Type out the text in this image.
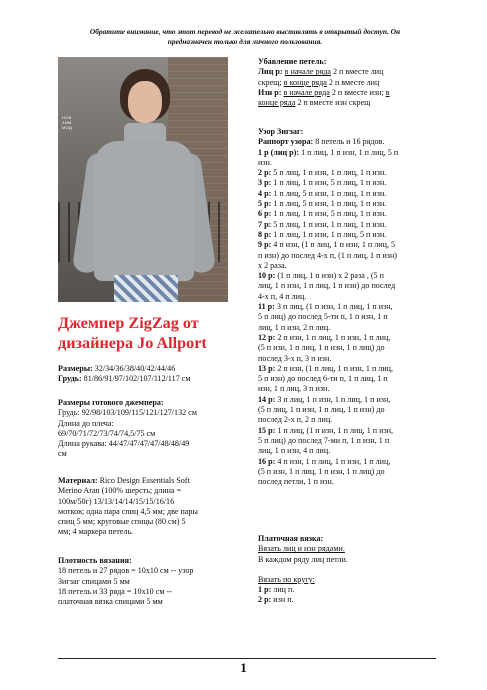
Обратите внимание, что этот перевод не желательно выставлять в открытый доступ. Он
предназначен только для личного пользования.
НОВ
ЗИМ
МОД
Джемпер ZigZag от дизайнера Jo Allport

Размеры: 32/34/36/38/40/42/44/46

Грудь: 81/86/91/97/102/107/112/117 см

Размеры готового джемпера:

Грудь: 92/98/103/109/115/121/127/132 см

Длина до плеча:

69/70/71/72/73/74/74,5/75 см

Длина рукава: 44/47/47/47/47/48/48/49

см

Материал: Rico Design Essentials Soft

Merino Aran (100% шерсть; длина =

100м/50г) 13/13/14/14/15/15/16/16

мотков; одна пара спиц 4,5 мм; две пары

спиц 5 мм; круговые спицы (80 см) 5

мм; 4 маркера петель.

Плотность вязания:

18 петель и 27 рядов = 10x10 см -- узор

Зигзаг спицами 5 мм

18 петель и 33 ряда = 10x10 см --

платочная вязка спицами 5 мм

Убавление петель:

Лиц р: в начале ряда 2 п вместе лиц

скрещ; в конце ряда 2 п вместе лиц

Изн р: в начале ряда 2 п вместе изн; в

конце ряда 2 п вместе изн скрещ

Узор Зигзаг:

Раппорт узора: 8 петель и 16 рядов.

1 р (лиц р): 1 п лиц, 1 п изн, 1 п лиц, 5 п

изн.

2 р: 5 п лиц, 1 п изн, 1 п лиц, 1 п изн.

3 р: 1 п лиц, 1 п изн, 5 п лиц, 1 п изн.

4 р: 1 п лиц, 5 п изн, 1 п лиц, 1 п изн.

5 р: 1 п лиц, 5 п изн, 1 п лиц, 1 п изн.

6 р: 1 п лиц, 1 п изн, 5 п лиц, 1 п изн.

7 р: 5 п лиц, 1 п изн, 1 п лиц, 1 п изн.

8 р: 1 п лиц, 1 п изн, 1 п лиц, 5 п изн.

9 р: 4 п изн, (1 п лиц, 1 п изн, 1 п лиц, 5

п изн) до послед 4-х п, (1 п лиц, 1 п изн)

х 2 раза.

10 р: (1 п лиц, 1 п изн) х 2 раза , (5 п

лиц, 1 п изн, 1 п лиц, 1 п изн) до послед

4-х п, 4 п лиц.

11 р: 3 п лиц, (1 п изн, 1 п лиц, 1 п изн,

5 п лиц) до послед 5-ти п, 1 п изн, 1 п

лиц, 1 п изн, 2 п лиц.

12 р: 2 п изн, 1 п лиц, 1 п изн, 1 п лиц,

(5 п изн, 1 п лиц, 1 п изн, 1 п лиц) до

послед 3-х п, 3 п изн.

13 р: 2 п изн, (1 п лиц, 1 п изн, 1 п лиц,

5 п изн) до послед 6-ти п, 1 п лиц, 1 п

изн, 1 п лиц, 3 п изн.

14 р: 3 п лиц, 1 п изн, 1 п лиц, 1 п изн,

(5 п лиц, 1 п изн, 1 п лиц, 1 п изн) до

послед 2-х п, 2 п лиц.

15 р: 1 п лиц, (1 п изн, 1 п лиц, 1 п изн,

5 п лиц) до послед 7-ми п, 1 п изн, 1 п

лиц, 1 п изн, 4 п лиц.

16 р: 4 п изн, 1 п лиц, 1 п изн, 1 п лиц,

(5 п изн, 1 п лиц, 1 п изн, 1 п лиц) до

послед петли, 1 п изн.

Платочная вязка:

Вязать лиц и изн рядами.

В каждом ряду лиц петли.

Вязать по кругу:

1 р: лиц п.

2 р: изн п.

1
